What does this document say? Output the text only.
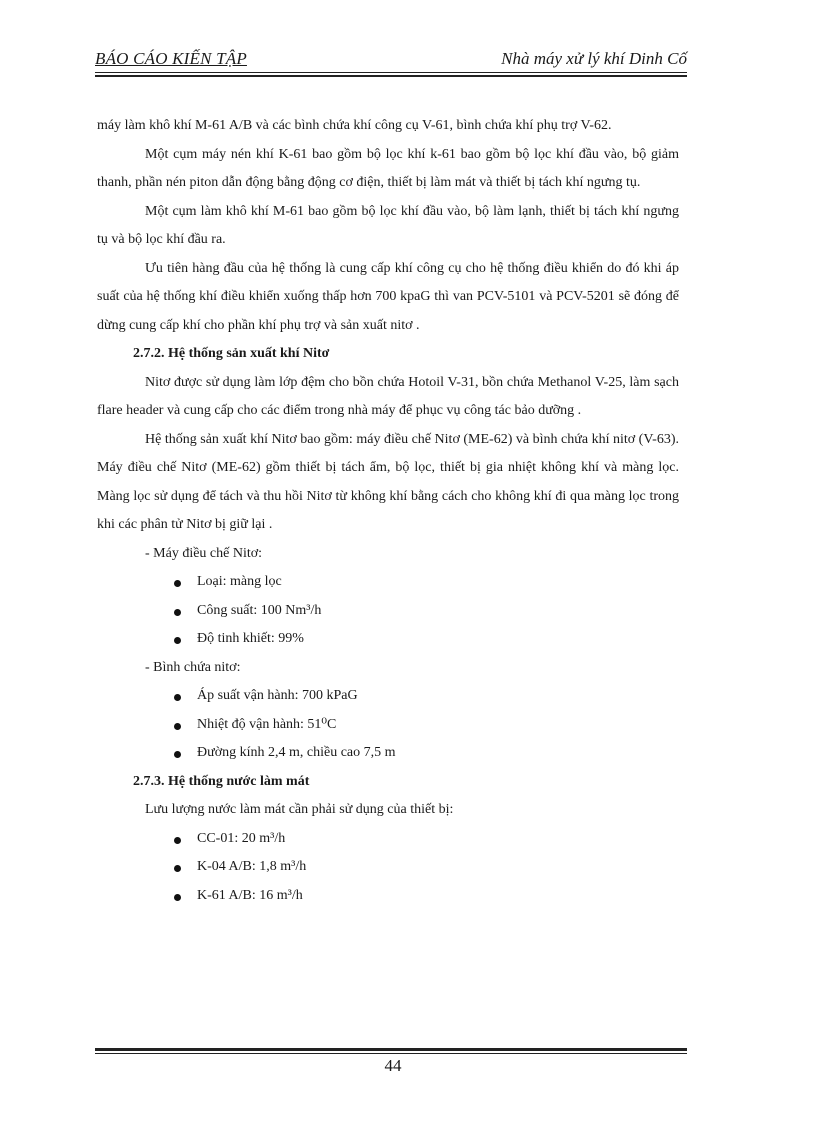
BÁO CÁO KIẾN TẬP	Nhà máy xử lý khí Dinh Cố

máy làm khô khí M-61 A/B và các bình chứa khí công cụ V-61, bình chứa khí phụ trợ V-62.

Một cụm máy nén khí K-61 bao gồm bộ lọc khí k-61 bao gồm bộ lọc khí đầu vào, bộ giảm thanh, phần nén piton dẫn động bằng động cơ điện, thiết bị làm mát và thiết bị tách khí ngưng tụ.

Một cụm làm khô khí M-61 bao gồm bộ lọc khí đầu vào, bộ làm lạnh, thiết bị tách khí ngưng tụ và bộ lọc khí đầu ra.

Ưu tiên hàng đầu của hệ thống là cung cấp khí công cụ cho hệ thống điều khiển do đó khi áp suất của hệ thống khí điều khiển xuống thấp hơn 700 kpaG thì van PCV-5101 và PCV-5201 sẽ đóng để dừng cung cấp khí cho phần khí phụ trợ và sản xuất nitơ .

2.7.2. Hệ thống sản xuất khí Nitơ

Nitơ được sử dụng làm lớp đệm cho bồn chứa Hotoil V-31, bồn chứa Methanol V-25, làm sạch flare header và cung cấp cho các điểm trong nhà máy để phục vụ công tác bảo dưỡng .

Hệ thống sản xuất khí Nitơ bao gồm: máy điều chế Nitơ (ME-62) và bình chứa khí nitơ (V-63). Máy điều chế Nitơ (ME-62) gồm thiết bị tách ẩm, bộ lọc, thiết bị gia nhiệt không khí và màng lọc. Màng lọc sử dụng để tách và thu hồi Nitơ từ không khí bằng cách cho không khí đi qua màng lọc trong khi các phân tử Nitơ bị giữ lại .

- Máy điều chế Nitơ:

Loại: màng lọc
Công suất: 100 Nm³/h
Độ tinh khiết: 99%

- Bình chứa nitơ:

Áp suất vận hành: 700 kPaG
Nhiệt độ vận hành: 51⁰C
Đường kính 2,4 m, chiều cao 7,5 m

2.7.3. Hệ thống nước làm mát

Lưu lượng nước làm mát cần phải sử dụng của thiết bị:

CC-01: 20 m³/h
K-04 A/B: 1,8 m³/h
K-61 A/B: 16 m³/h
44
